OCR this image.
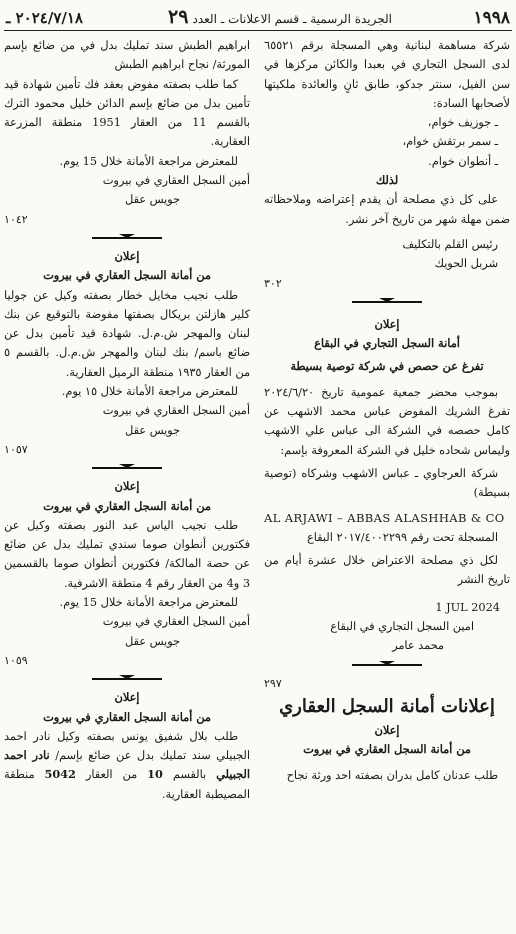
١٩٩٨
الجريدة الرسمية ـ قسم الاعلانات ـ العدد
٢٩
٢٠٢٤/٧/١٨ ـ

شركة مساهمة لبنانية وهي المسجلة برقم ٦٥٥٢١ لدى السجل التجاري في بعبدا والكائن مركزها في سن الفيل، سنتر جدكو، طابق ثانٍ والعائدة ملكيتها لأصحابها السادة:

ـ جوزيف خوام،

ـ سمر برتقش خوام،

ـ أنطوان خوام.

لذلك

على كل ذي مصلحة أن يقدم إعتراضه وملاحظاته ضمن مهلة شهر من تاريخ آخر نشر.

رئيس القلم بالتكليف

شربل الحويك

٣٠٢

إعلان

أمانة السجل التجاري في البقاع

تفرغ عن حصص في شركة توصية بسيطة

بموجب محضر جمعية عمومية تاريخ ٢٠٢٤/٦/٢٠ تفرغ الشريك المفوض عباس محمد الاشهب عن كامل حصصه في الشركة الى عباس علي الاشهب وليماس شحاده خليل في الشركة المعروفة بإسم:

شركة العرجاوي ـ عباس الاشهب وشركاه (توصية بسيطة)

AL ARJAWI – ABBAS ALASHHAB & CO

المسجلة تحت رقم ٢٠١٧/٤٠٠٢٢٩٩ البقاع

لكل ذي مصلحة الاعتراض خلال عشرة أيام من تاريخ النشر

1 JUL 2024

امين السجل التجاري في البقاع

محمد عامر

٢٩٧

إعلانات أمانة السجل العقاري

إعلان

من أمانة السجل العقاري في بيروت

طلب عدنان كامل بدران بصفته احد ورثة نجاح

ابراهيم الطبش سند تمليك بدل في من ضائع بإسم المورثة/ نجاح ابراهيم الطبش

كما طلب بصفته مفوض بعقد فك تأمين شهادة قيد تأمين بدل من ضائع بإسم الدائن خليل محمود الترك بالقسم 11 من العقار 1951 منطقة المزرعة العقارية.

للمعترض مراجعة الأمانة خلال 15 يوم.

أمين السجل العقاري في بيروت

جويس عقل

١٠٤٢

إعلان

من أمانة السجل العقاري في بيروت

طلب نجيب مخايل خطار بصفته وكيل عن جوليا كلير هازلتن بريكال بصفتها مفوضة بالتوقيع عن بنك لبنان والمهجر ش.م.ل. شهادة قيد تأمين بدل عن ضائع باسم/ بنك لبنان والمهجر ش.م.ل. بالقسم ٥ من العقار ١٩٣٥ منطقة الرميل العقارية.

للمعترض مراجعة الأمانة خلال ١٥ يوم.

أمين السجل العقاري في بيروت

جويس عقل

١٠٥٧

إعلان

من أمانة السجل العقاري في بيروت

طلب نجيب الياس عبد النور بصفته وكيل عن فكتورين أنطوان صوما سندي تمليك بدل عن ضائع عن حصة المالكة/ فكتورين أنطوان صوما بالقسمين 3 و4 من العقار رقم 4 منطقة الاشرفية.

للمعترض مراجعة الأمانة خلال 15 يوم.

أمين السجل العقاري في بيروت

جويس عقل

١٠٥٩

إعلان

من أمانة السجل العقاري في بيروت

طلب بلال شفيق يونس بصفته وكيل نادر احمد الجبيلي سند تمليك بدل عن ضائع بإسم/ نادر احمد الجبيلي بالقسم 10 من العقار 5042 منطقة المصيطبة العقارية.
